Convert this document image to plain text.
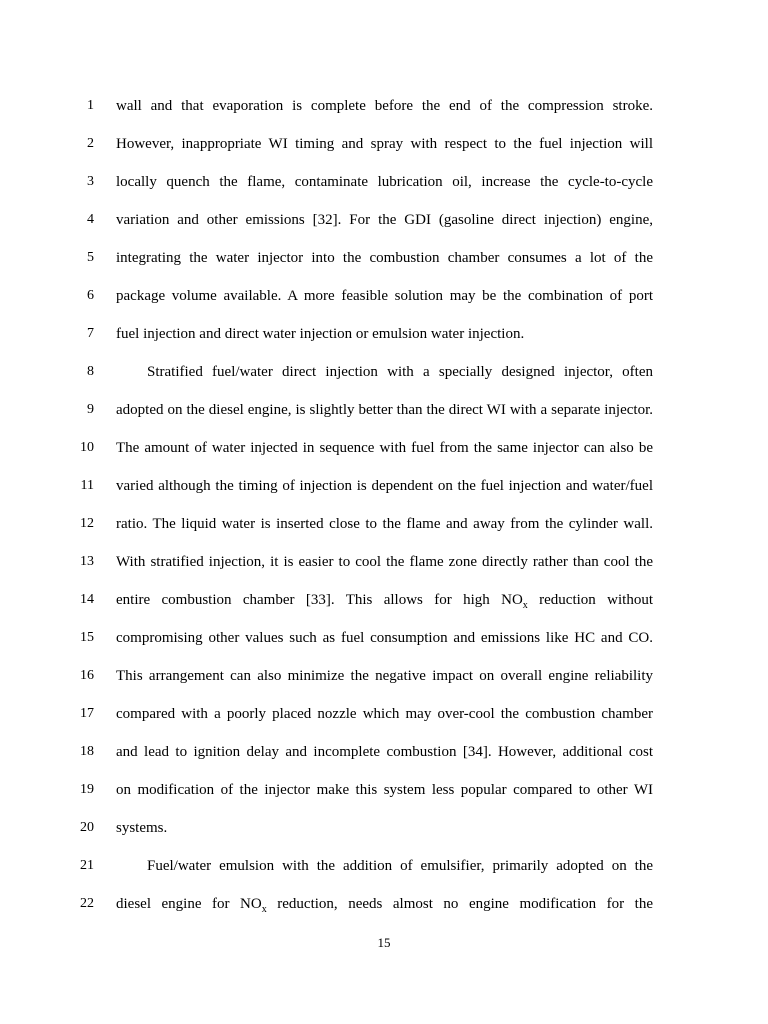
1 wall and that evaporation is complete before the end of the compression stroke.
2 However, inappropriate WI timing and spray with respect to the fuel injection will
3 locally quench the flame, contaminate lubrication oil, increase the cycle-to-cycle
4 variation and other emissions [32]. For the GDI (gasoline direct injection) engine,
5 integrating the water injector into the combustion chamber consumes a lot of the
6 package volume available. A more feasible solution may be the combination of port
7 fuel injection and direct water injection or emulsion water injection.
8	Stratified fuel/water direct injection with a specially designed injector, often
9 adopted on the diesel engine, is slightly better than the direct WI with a separate injector.
10 The amount of water injected in sequence with fuel from the same injector can also be
11 varied although the timing of injection is dependent on the fuel injection and water/fuel
12 ratio. The liquid water is inserted close to the flame and away from the cylinder wall.
13 With stratified injection, it is easier to cool the flame zone directly rather than cool the
14 entire combustion chamber [33]. This allows for high $NO_x$ reduction without
15 compromising other values such as fuel consumption and emissions like HC and CO.
16 This arrangement can also minimize the negative impact on overall engine reliability
17 compared with a poorly placed nozzle which may over-cool the combustion chamber
18 and lead to ignition delay and incomplete combustion [34]. However, additional cost
19 on modification of the injector make this system less popular compared to other WI
20 systems.
21	Fuel/water emulsion with the addition of emulsifier, primarily adopted on the
22 diesel engine for $NO_x$ reduction, needs almost no engine modification for the
15
